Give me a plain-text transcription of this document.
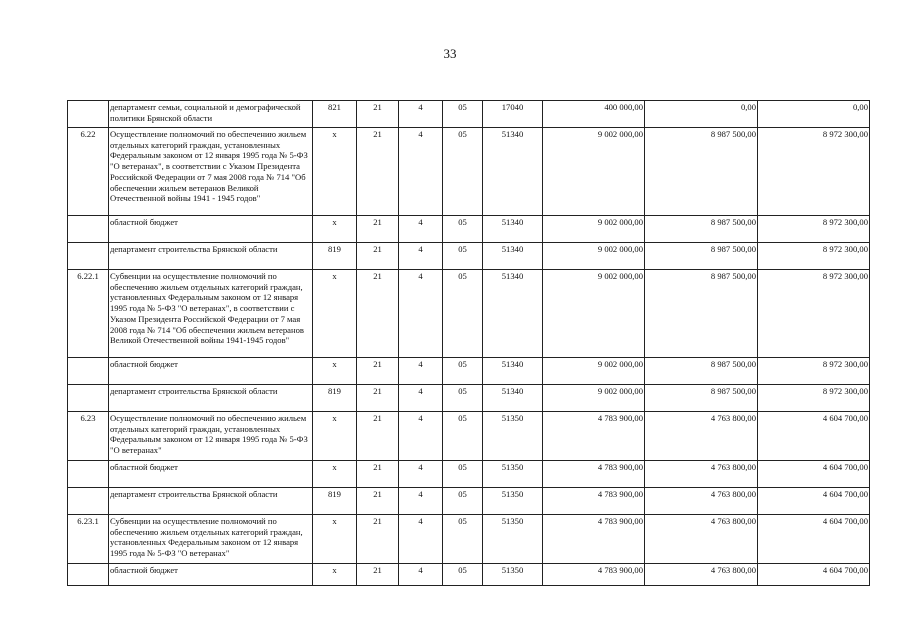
33
	департамент семьи, социальной и демографической политики Брянской области	821	21	4	05	17040	400 000,00	0,00	0,00
6.22	Осуществление полномочий по обеспечению жильем отдельных категорий граждан, установленных Федеральным законом от 12 января 1995 года № 5-ФЗ "О ветеранах", в соответствии с Указом Президента Российской Федерации от 7 мая 2008 года № 714 "Об обеспечении жильем ветеранов Великой Отечественной войны 1941 - 1945 годов"	х	21	4	05	51340	9 002 000,00	8 987 500,00	8 972 300,00
	областной бюджет	х	21	4	05	51340	9 002 000,00	8 987 500,00	8 972 300,00
	департамент строительства Брянской области	819	21	4	05	51340	9 002 000,00	8 987 500,00	8 972 300,00
6.22.1	Субвенции на осуществление полномочий по обеспечению жильем отдельных категорий граждан, установленных Федеральным законом от 12 января 1995 года № 5-ФЗ "О ветеранах", в соответствии с Указом Президента Российской Федерации от 7 мая 2008 года № 714 "Об обеспечении жильем ветеранов Великой Отечественной войны 1941-1945 годов"	х	21	4	05	51340	9 002 000,00	8 987 500,00	8 972 300,00
	областной бюджет	х	21	4	05	51340	9 002 000,00	8 987 500,00	8 972 300,00
	департамент строительства Брянской области	819	21	4	05	51340	9 002 000,00	8 987 500,00	8 972 300,00
6.23	Осуществление полномочий по обеспечению жильем отдельных категорий граждан, установленных Федеральным законом от 12 января 1995 года № 5-ФЗ "О ветеранах"	х	21	4	05	51350	4 783 900,00	4 763 800,00	4 604 700,00
	областной бюджет	х	21	4	05	51350	4 783 900,00	4 763 800,00	4 604 700,00
	департамент строительства Брянской области	819	21	4	05	51350	4 783 900,00	4 763 800,00	4 604 700,00
6.23.1	Субвенции на осуществление полномочий по обеспечению жильем отдельных категорий граждан, установленных Федеральным законом от 12 января 1995 года № 5-ФЗ "О ветеранах"	х	21	4	05	51350	4 783 900,00	4 763 800,00	4 604 700,00
	областной бюджет	х	21	4	05	51350	4 783 900,00	4 763 800,00	4 604 700,00
